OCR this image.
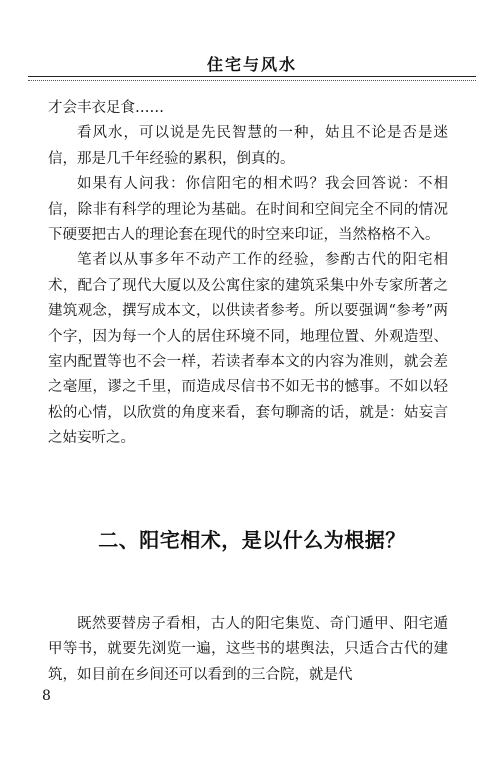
住宅与风水

才会丰衣足食……

看风水，可以说是先民智慧的一种，姑且不论是否是迷信，那是几千年经验的累积，倒真的。

如果有人问我：你信阳宅的相术吗？我会回答说：不相信，除非有科学的理论为基础。在时间和空间完全不同的情况下硬要把古人的理论套在现代的时空来印证，当然格格不入。

笔者以从事多年不动产工作的经验，参酌古代的阳宅相术，配合了现代大厦以及公寓住家的建筑采集中外专家所著之建筑观念，撰写成本文，以供读者参考。所以要强调“参考”两个字，因为每一个人的居住环境不同，地理位置、外观造型、室内配置等也不会一样，若读者奉本文的内容为准则，就会差之毫厘，谬之千里，而造成尽信书不如无书的憾事。不如以轻松的心情，以欣赏的角度来看，套句聊斋的话，就是：姑妄言之姑妄听之。

二、阳宅相术，是以什么为根据？

既然要替房子看相，古人的阳宅集览、奇门遁甲、阳宅遁甲等书，就要先浏览一遍，这些书的堪舆法，只适合古代的建筑，如目前在乡间还可以看到的三合院，就是代

8
